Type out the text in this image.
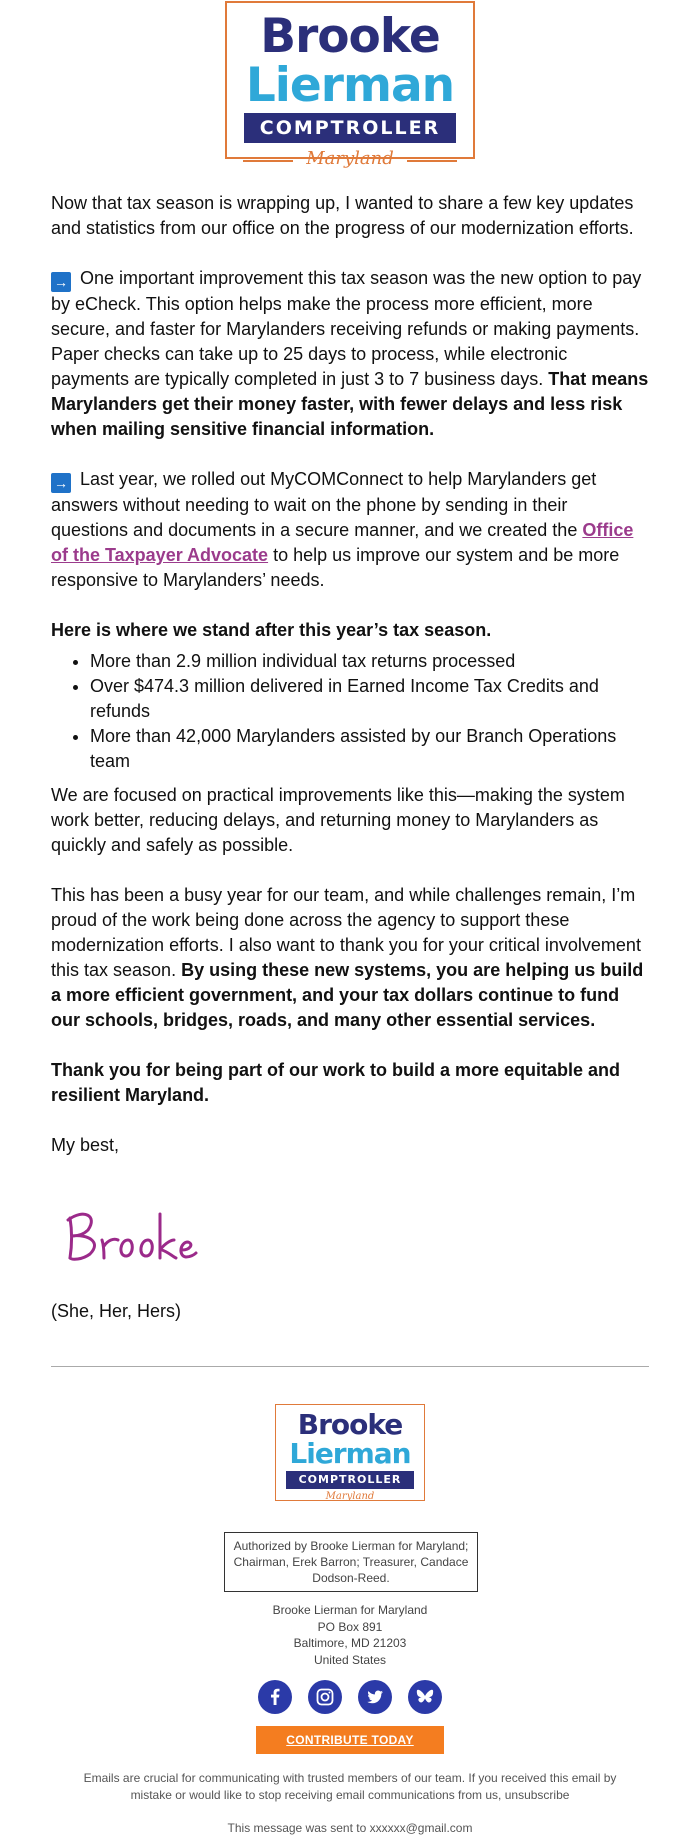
Brooke
Lierman
COMPTROLLER
Maryland

Now that tax season is wrapping up, I wanted to share a few key updates and statistics from our office on the progress of our modernization efforts.

→ One important improvement this tax season was the new option to pay by eCheck. This option helps make the process more efficient, more secure, and faster for Marylanders receiving refunds or making payments. Paper checks can take up to 25 days to process, while electronic payments are typically completed in just 3 to 7 business days. That means Marylanders get their money faster, with fewer delays and less risk when mailing sensitive financial information.

→ Last year, we rolled out MyCOMConnect to help Marylanders get answers without needing to wait on the phone by sending in their questions and documents in a secure manner, and we created the Office of the Taxpayer Advocate to help us improve our system and be more responsive to Marylanders’ needs.

Here is where we stand after this year’s tax season.

• More than 2.9 million individual tax returns processed
• Over $474.3 million delivered in Earned Income Tax Credits and refunds
• More than 42,000 Marylanders assisted by our Branch Operations team

We are focused on practical improvements like this—making the system work better, reducing delays, and returning money to Marylanders as quickly and safely as possible.

This has been a busy year for our team, and while challenges remain, I’m proud of the work being done across the agency to support these modernization efforts. I also want to thank you for your critical involvement this tax season. By using these new systems, you are helping us build a more efficient government, and your tax dollars continue to fund our schools, bridges, roads, and many other essential services.

Thank you for being part of our work to build a more equitable and resilient Maryland.

My best,

(She, Her, Hers)
Brooke
Lierman
COMPTROLLER
Maryland
Authorized by Brooke Lierman for Maryland; Chairman, Erek Barron; Treasurer, Candace Dodson-Reed.
Brooke Lierman for Maryland
PO Box 891
Baltimore, MD 21203
United States
CONTRIBUTE TODAY
Emails are crucial for communicating with trusted members of our team. If you received this email by mistake or would like to stop receiving email communications from us, unsubscribe
This message was sent to xxxxxx@gmail.com
